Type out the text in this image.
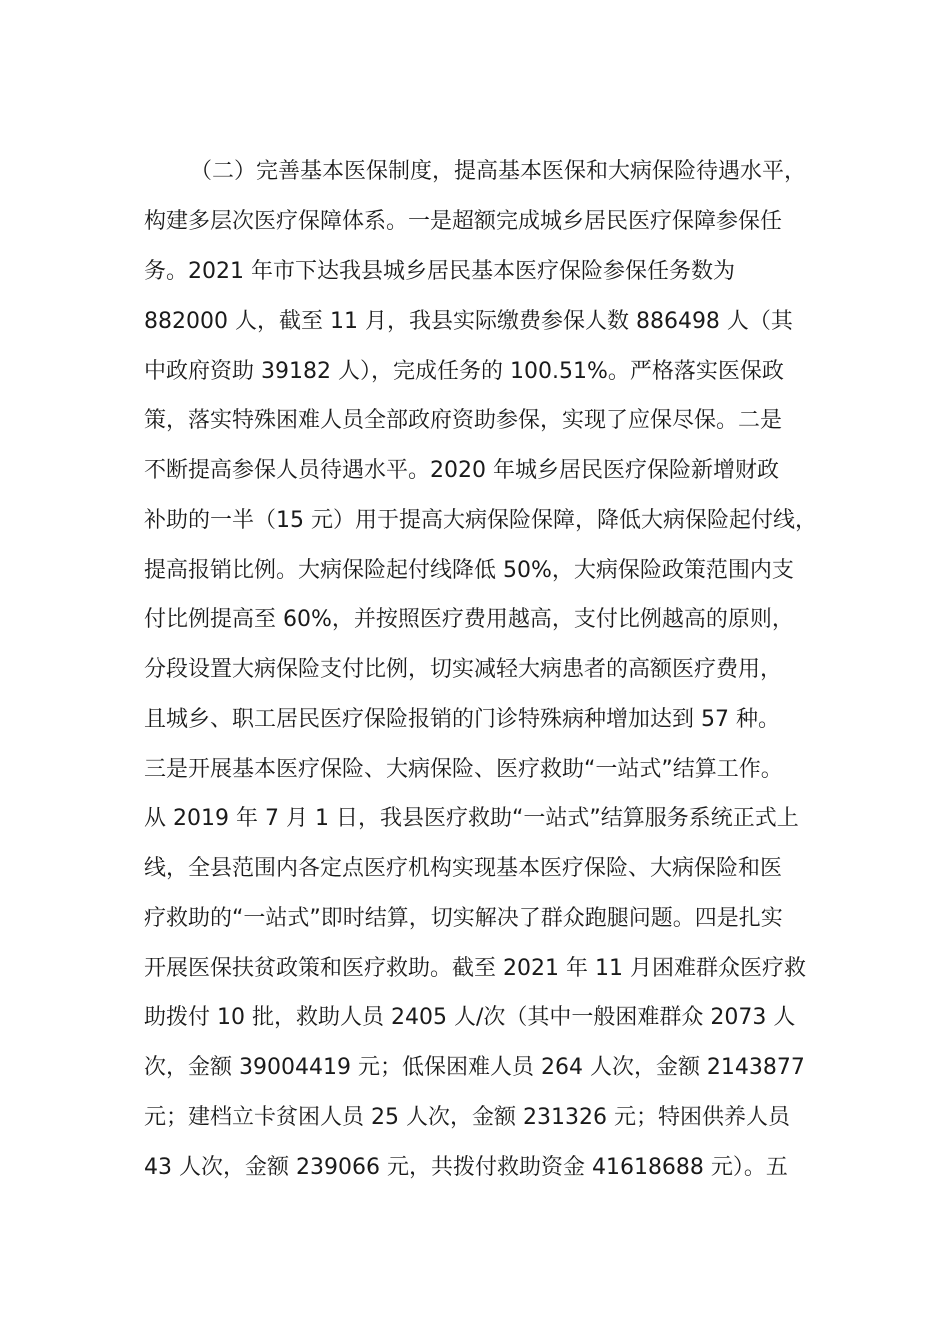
（二）完善基本医保制度，提高基本医保和大病保险待遇水平，
构建多层次医疗保障体系。一是超额完成城乡居民医疗保障参保任
务。2021 年市下达我县城乡居民基本医疗保险参保任务数为
882000 人，截至 11 月，我县实际缴费参保人数 886498 人（其
中政府资助 39182 人），完成任务的 100.51%。严格落实医保政
策，落实特殊困难人员全部政府资助参保，实现了应保尽保。二是
不断提高参保人员待遇水平。2020 年城乡居民医疗保险新增财政
补助的一半（15 元）用于提高大病保险保障，降低大病保险起付线，
提高报销比例。大病保险起付线降低 50%，大病保险政策范围内支
付比例提高至 60%，并按照医疗费用越高，支付比例越高的原则，
分段设置大病保险支付比例，切实减轻大病患者的高额医疗费用，
且城乡、职工居民医疗保险报销的门诊特殊病种增加达到 57 种。
三是开展基本医疗保险、大病保险、医疗救助“一站式”结算工作。
从 2019 年 7 月 1 日，我县医疗救助“一站式”结算服务系统正式上
线，全县范围内各定点医疗机构实现基本医疗保险、大病保险和医
疗救助的“一站式”即时结算，切实解决了群众跑腿问题。四是扎实
开展医保扶贫政策和医疗救助。截至 2021 年 11 月困难群众医疗救
助拨付 10 批，救助人员 2405 人/次（其中一般困难群众 2073 人
次，金额 39004419 元；低保困难人员 264 人次，金额 2143877
元；建档立卡贫困人员 25 人次，金额 231326 元；特困供养人员
43 人次，金额 239066 元，共拨付救助资金 41618688 元）。五
